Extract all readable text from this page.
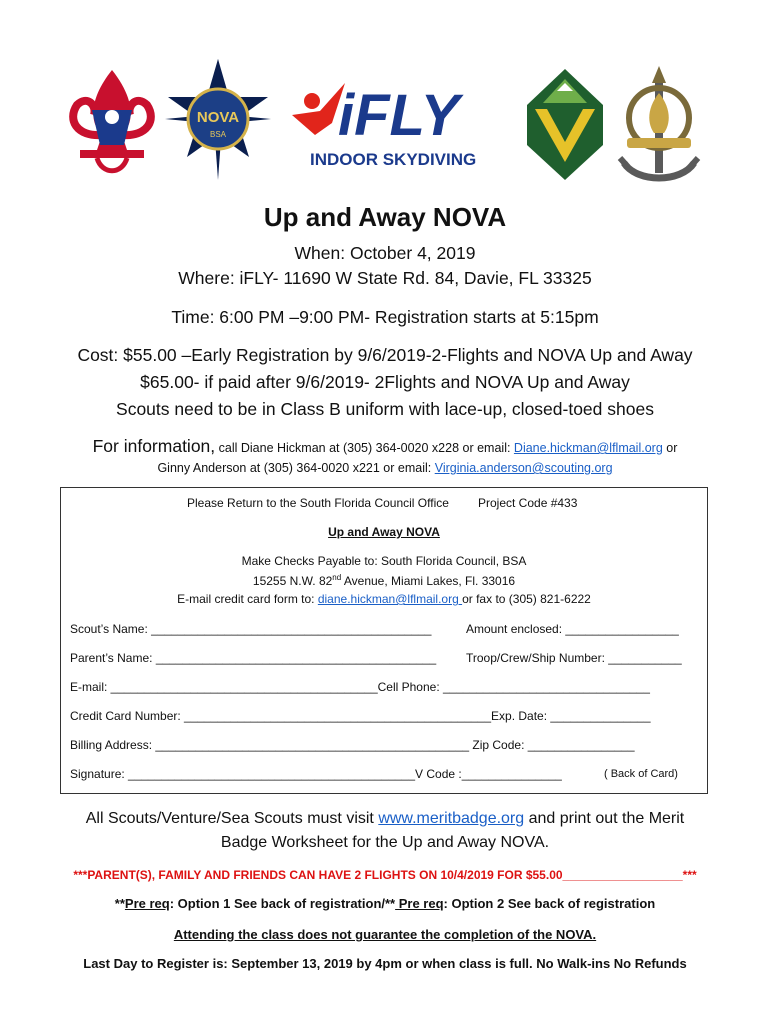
NOVA
BSA iFLY
INDOOR SKYDIVING
Up and Away NOVA
When: October 4, 2019
Where: iFLY- 11690 W State Rd. 84, Davie, FL 33325
Time: 6:00 PM –9:00 PM- Registration starts at 5:15pm
Cost: $55.00 –Early Registration by 9/6/2019-2-Flights and NOVA Up and Away
$65.00- if paid after 9/6/2019- 2Flights and NOVA Up and Away
Scouts need to be in Class B uniform with lace-up, closed-toed shoes
For information, call Diane Hickman at (305) 364-0020 x228 or email: Diane.hickman@lflmail.org or
Ginny Anderson at (305) 364-0020 x221 or email: Virginia.anderson@scouting.org
Please Return to the South Florida Council Office Project Code #433
Up and Away NOVA
Make Checks Payable to: South Florida Council, BSA
15255 N.W. 82nd Avenue, Miami Lakes, Fl. 33016
E-mail credit card form to: diane.hickman@lflmail.org or fax to (305) 821-6222
Scout’s Name: __________________________________________	Amount enclosed: _________________
Parent’s Name: __________________________________________ Troop/Crew/Ship Number: ___________
E-mail: ________________________________________Cell Phone: _______________________________
Credit Card Number: ______________________________________________Exp. Date: _______________
Billing Address: _______________________________________________ Zip Code: ________________
Signature: ___________________________________________V Code :_______________	( Back of Card)
All Scouts/Venture/Sea Scouts must visit www.meritbadge.org and print out the Merit
Badge Worksheet for the Up and Away NOVA.
***PARENT(S), FAMILY AND FRIENDS CAN HAVE 2 FLIGHTS ON 10/4/2019 FOR $55.00__________________***
**Pre req: Option 1 See back of registration/** Pre req: Option 2 See back of registration
Attending the class does not guarantee the completion of the NOVA.
Last Day to Register is: September 13, 2019 by 4pm or when class is full. No Walk-ins No Refunds
